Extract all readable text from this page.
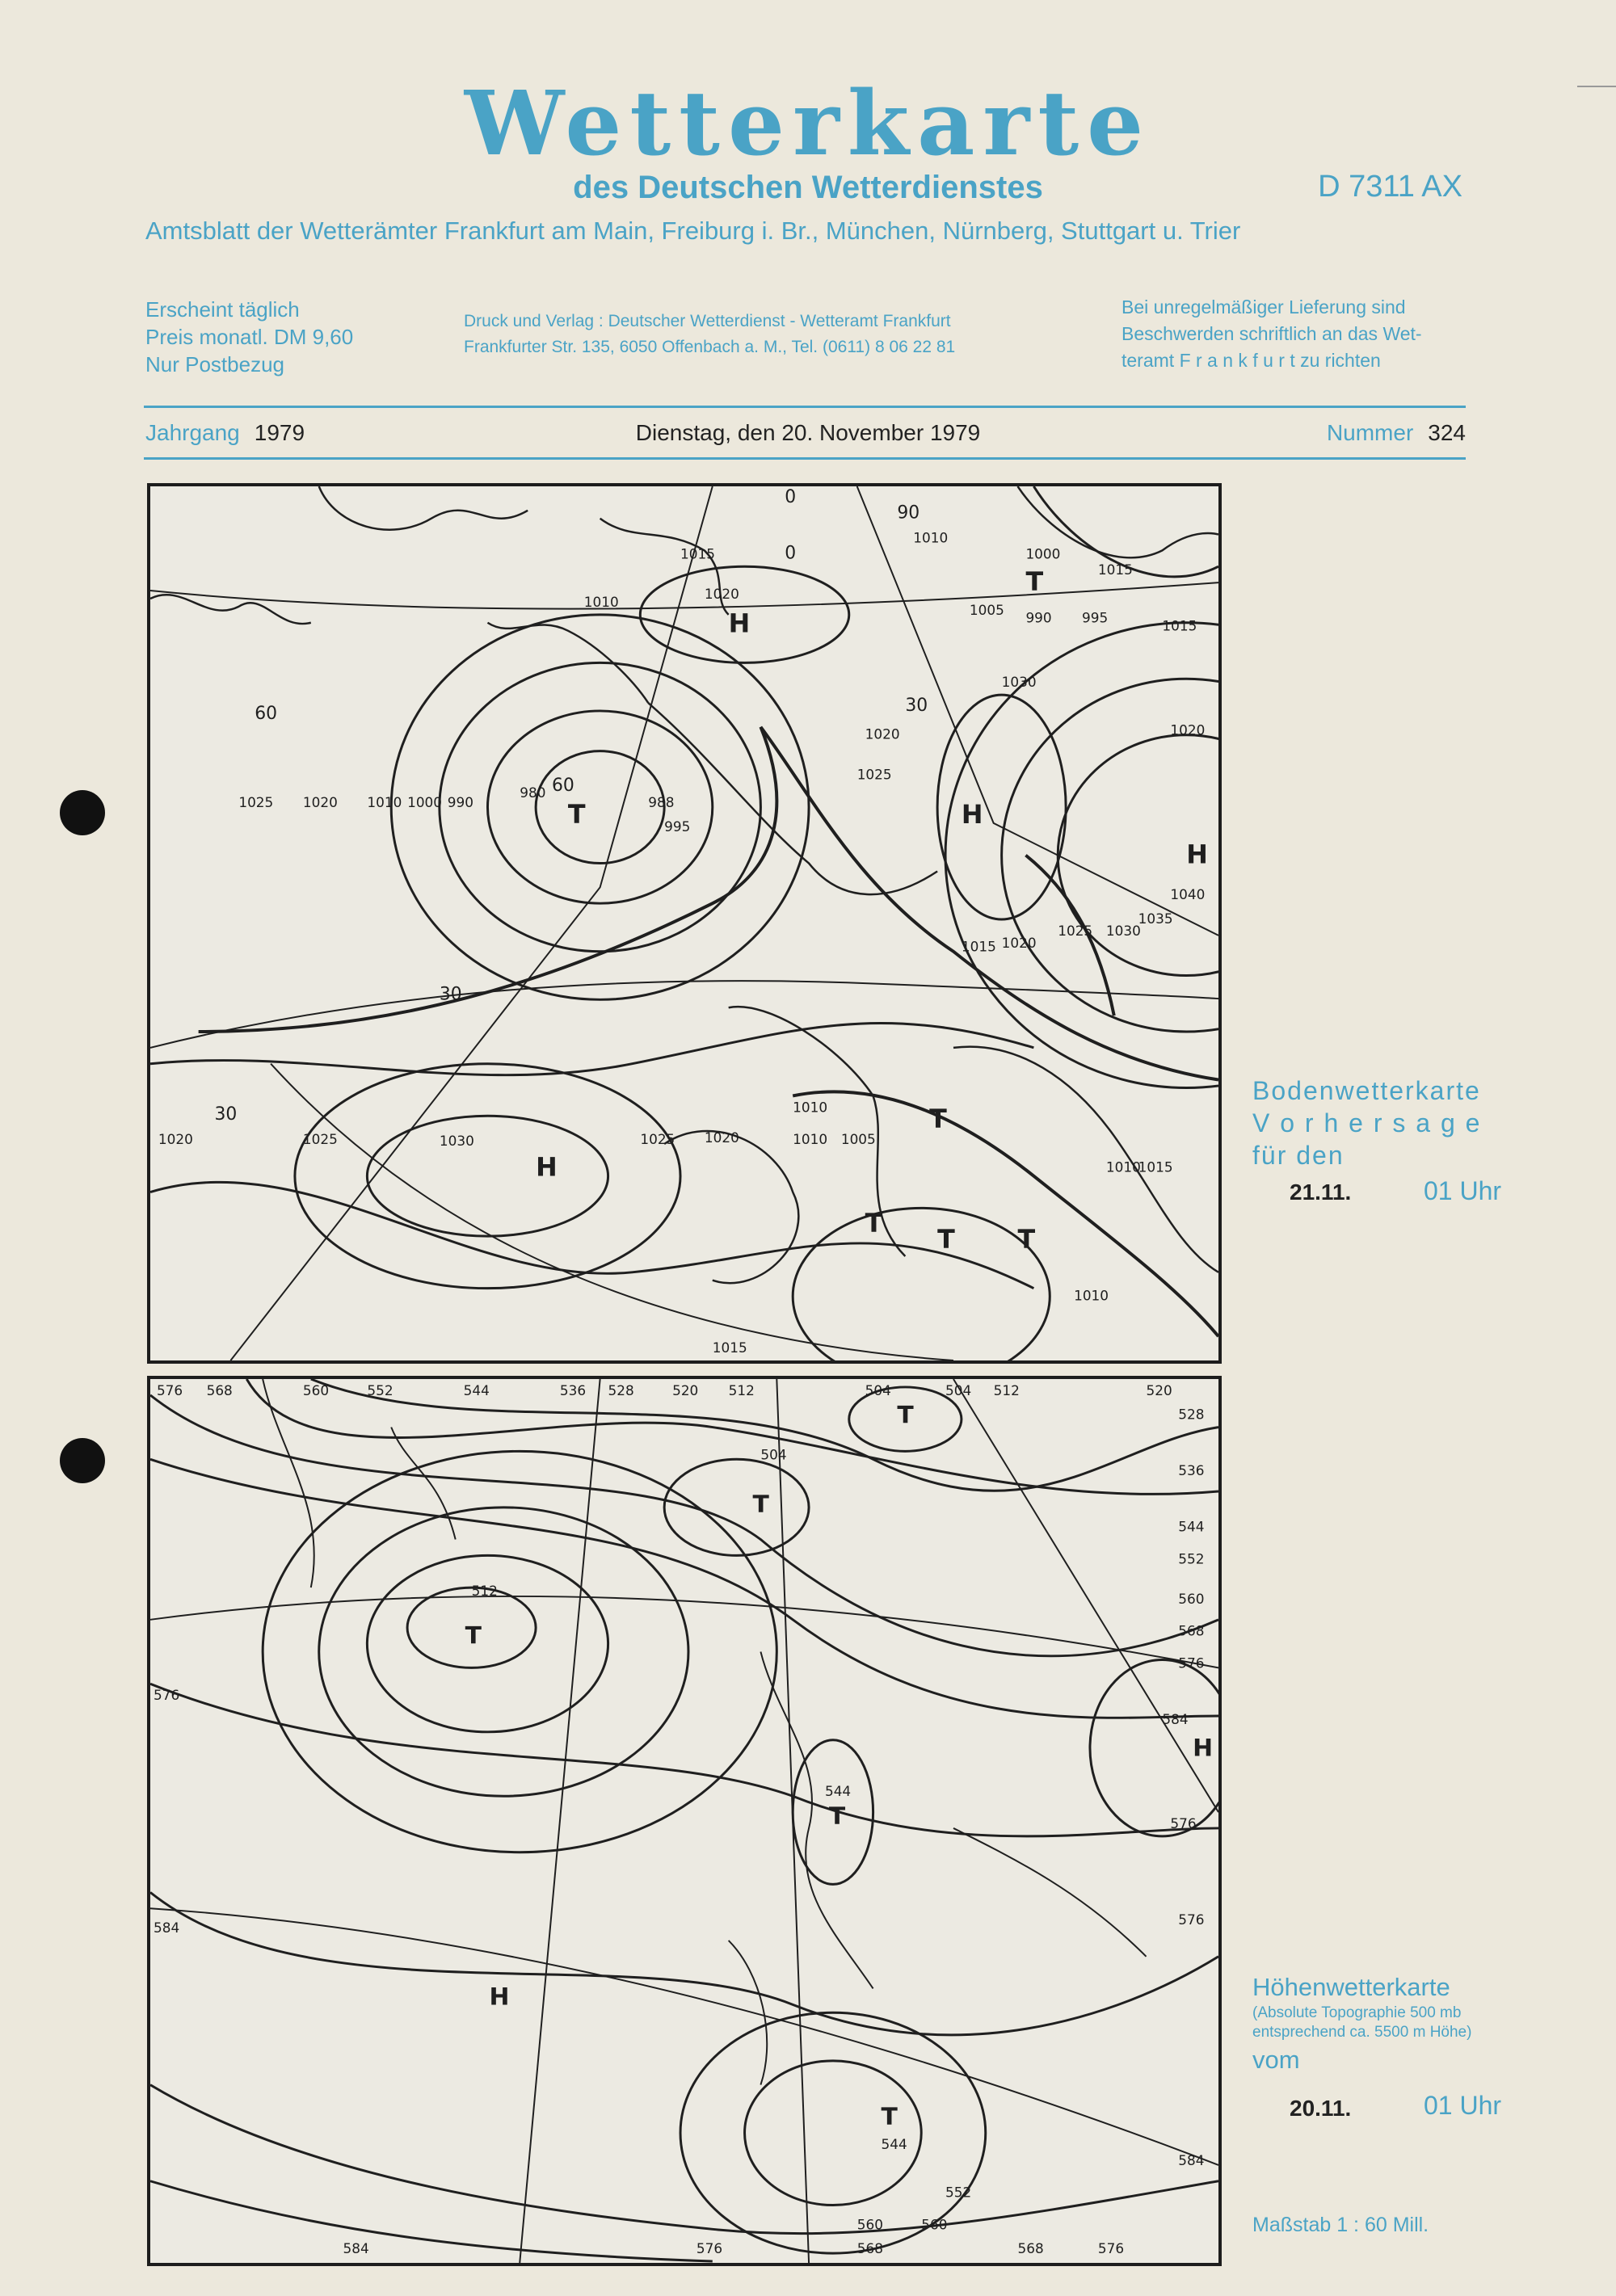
Wetterkarte
des Deutschen Wetterdienstes	D 7311 AX
Amtsblatt der Wetterämter Frankfurt am Main, Freiburg i. Br., München, Nürnberg, Stuttgart u. Trier
Erscheint täglich
Preis monatl. DM 9,60
Nur Postbezug
Druck und Verlag : Deutscher Wetterdienst - Wetteramt Frankfurt
Frankfurter Str. 135, 6050 Offenbach a. M., Tel. (0611) 8 06 22 81
Bei unregelmäßiger Lieferung sind
Beschwerden schriftlich an das Wet-
teramt F r a n k f u r t zu richten
Jahrgang 1979	Dienstag, den 20. November 1979	Nummer 324
H
T	H
H
H
T
T
T
T T
1015
1020
1025 1020 1010 1000 990
980
988
995
1010
1000
1005
1010
1015
1020
1025 1030
1035
1040
1020
1025
1030
1015 1020
1010 1005
1010
1015
1010
1015
1025
1020	1030	1020
1025
1010
1015
990 995
60
30
30
90
0
60
30
0
Bodenwetterkarte
V o r h e r s a g e
für den
21.11.	01 Uhr
T
T
T
T
T
H
H
576 568	560	552	544	536 528	520 512	504	504 512	520
528
536
544
552
560
568
576
584
576
576
584	576	568
560
568	576
584
512
576
544
584
544
552
560
504
Höhenwetterkarte
(Absolute Topographie 500 mb
entsprechend ca. 5500 m Höhe)
vom
20.11.	01 Uhr
Maßstab 1 : 60 Mill.
